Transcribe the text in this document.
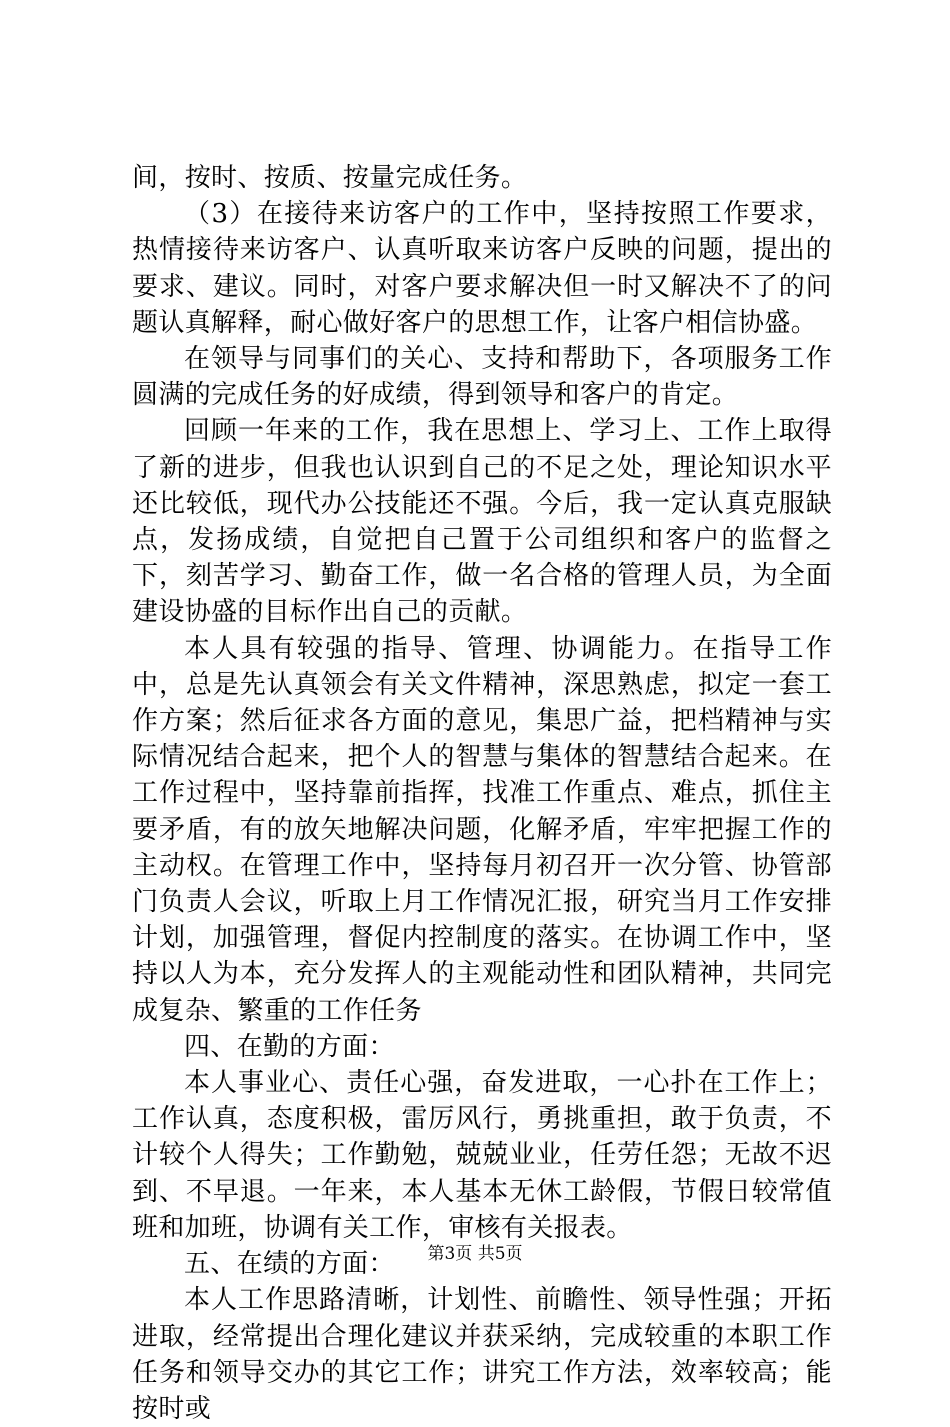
间，按时、按质、按量完成任务。

（3）在接待来访客户的工作中，坚持按照工作要求，热情接待来访客户、认真听取来访客户反映的问题，提出的要求、建议。同时，对客户要求解决但一时又解决不了的问题认真解释，耐心做好客户的思想工作，让客户相信协盛。

在领导与同事们的关心、支持和帮助下，各项服务工作圆满的完成任务的好成绩，得到领导和客户的肯定。

回顾一年来的工作，我在思想上、学习上、工作上取得了新的进步，但我也认识到自己的不足之处，理论知识水平还比较低，现代办公技能还不强。今后，我一定认真克服缺点，发扬成绩，自觉把自己置于公司组织和客户的监督之下，刻苦学习、勤奋工作，做一名合格的管理人员，为全面建设协盛的目标作出自己的贡献。

本人具有较强的指导、管理、协调能力。在指导工作中，总是先认真领会有关文件精神，深思熟虑，拟定一套工作方案；然后征求各方面的意见，集思广益，把档精神与实际情况结合起来，把个人的智慧与集体的智慧结合起来。在工作过程中，坚持靠前指挥，找准工作重点、难点，抓住主要矛盾，有的放矢地解决问题，化解矛盾，牢牢把握工作的主动权。在管理工作中，坚持每月初召开一次分管、协管部门负责人会议，听取上月工作情况汇报，研究当月工作安排计划，加强管理，督促内控制度的落实。在协调工作中，坚持以人为本，充分发挥人的主观能动性和团队精神，共同完成复杂、繁重的工作任务

四、在勤的方面：

本人事业心、责任心强，奋发进取，一心扑在工作上；工作认真，态度积极，雷厉风行，勇挑重担，敢于负责，不计较个人得失；工作勤勉，兢兢业业，任劳任怨；无故不迟到、不早退。一年来，本人基本无休工龄假，节假日较常值班和加班，协调有关工作，审核有关报表。

五、在绩的方面：

本人工作思路清晰，计划性、前瞻性、领导性强；开拓进取，经常提出合理化建议并获采纳，完成较重的本职工作任务和领导交办的其它工作；讲究工作方法，效率较高；能按时或

第3页 共5页
